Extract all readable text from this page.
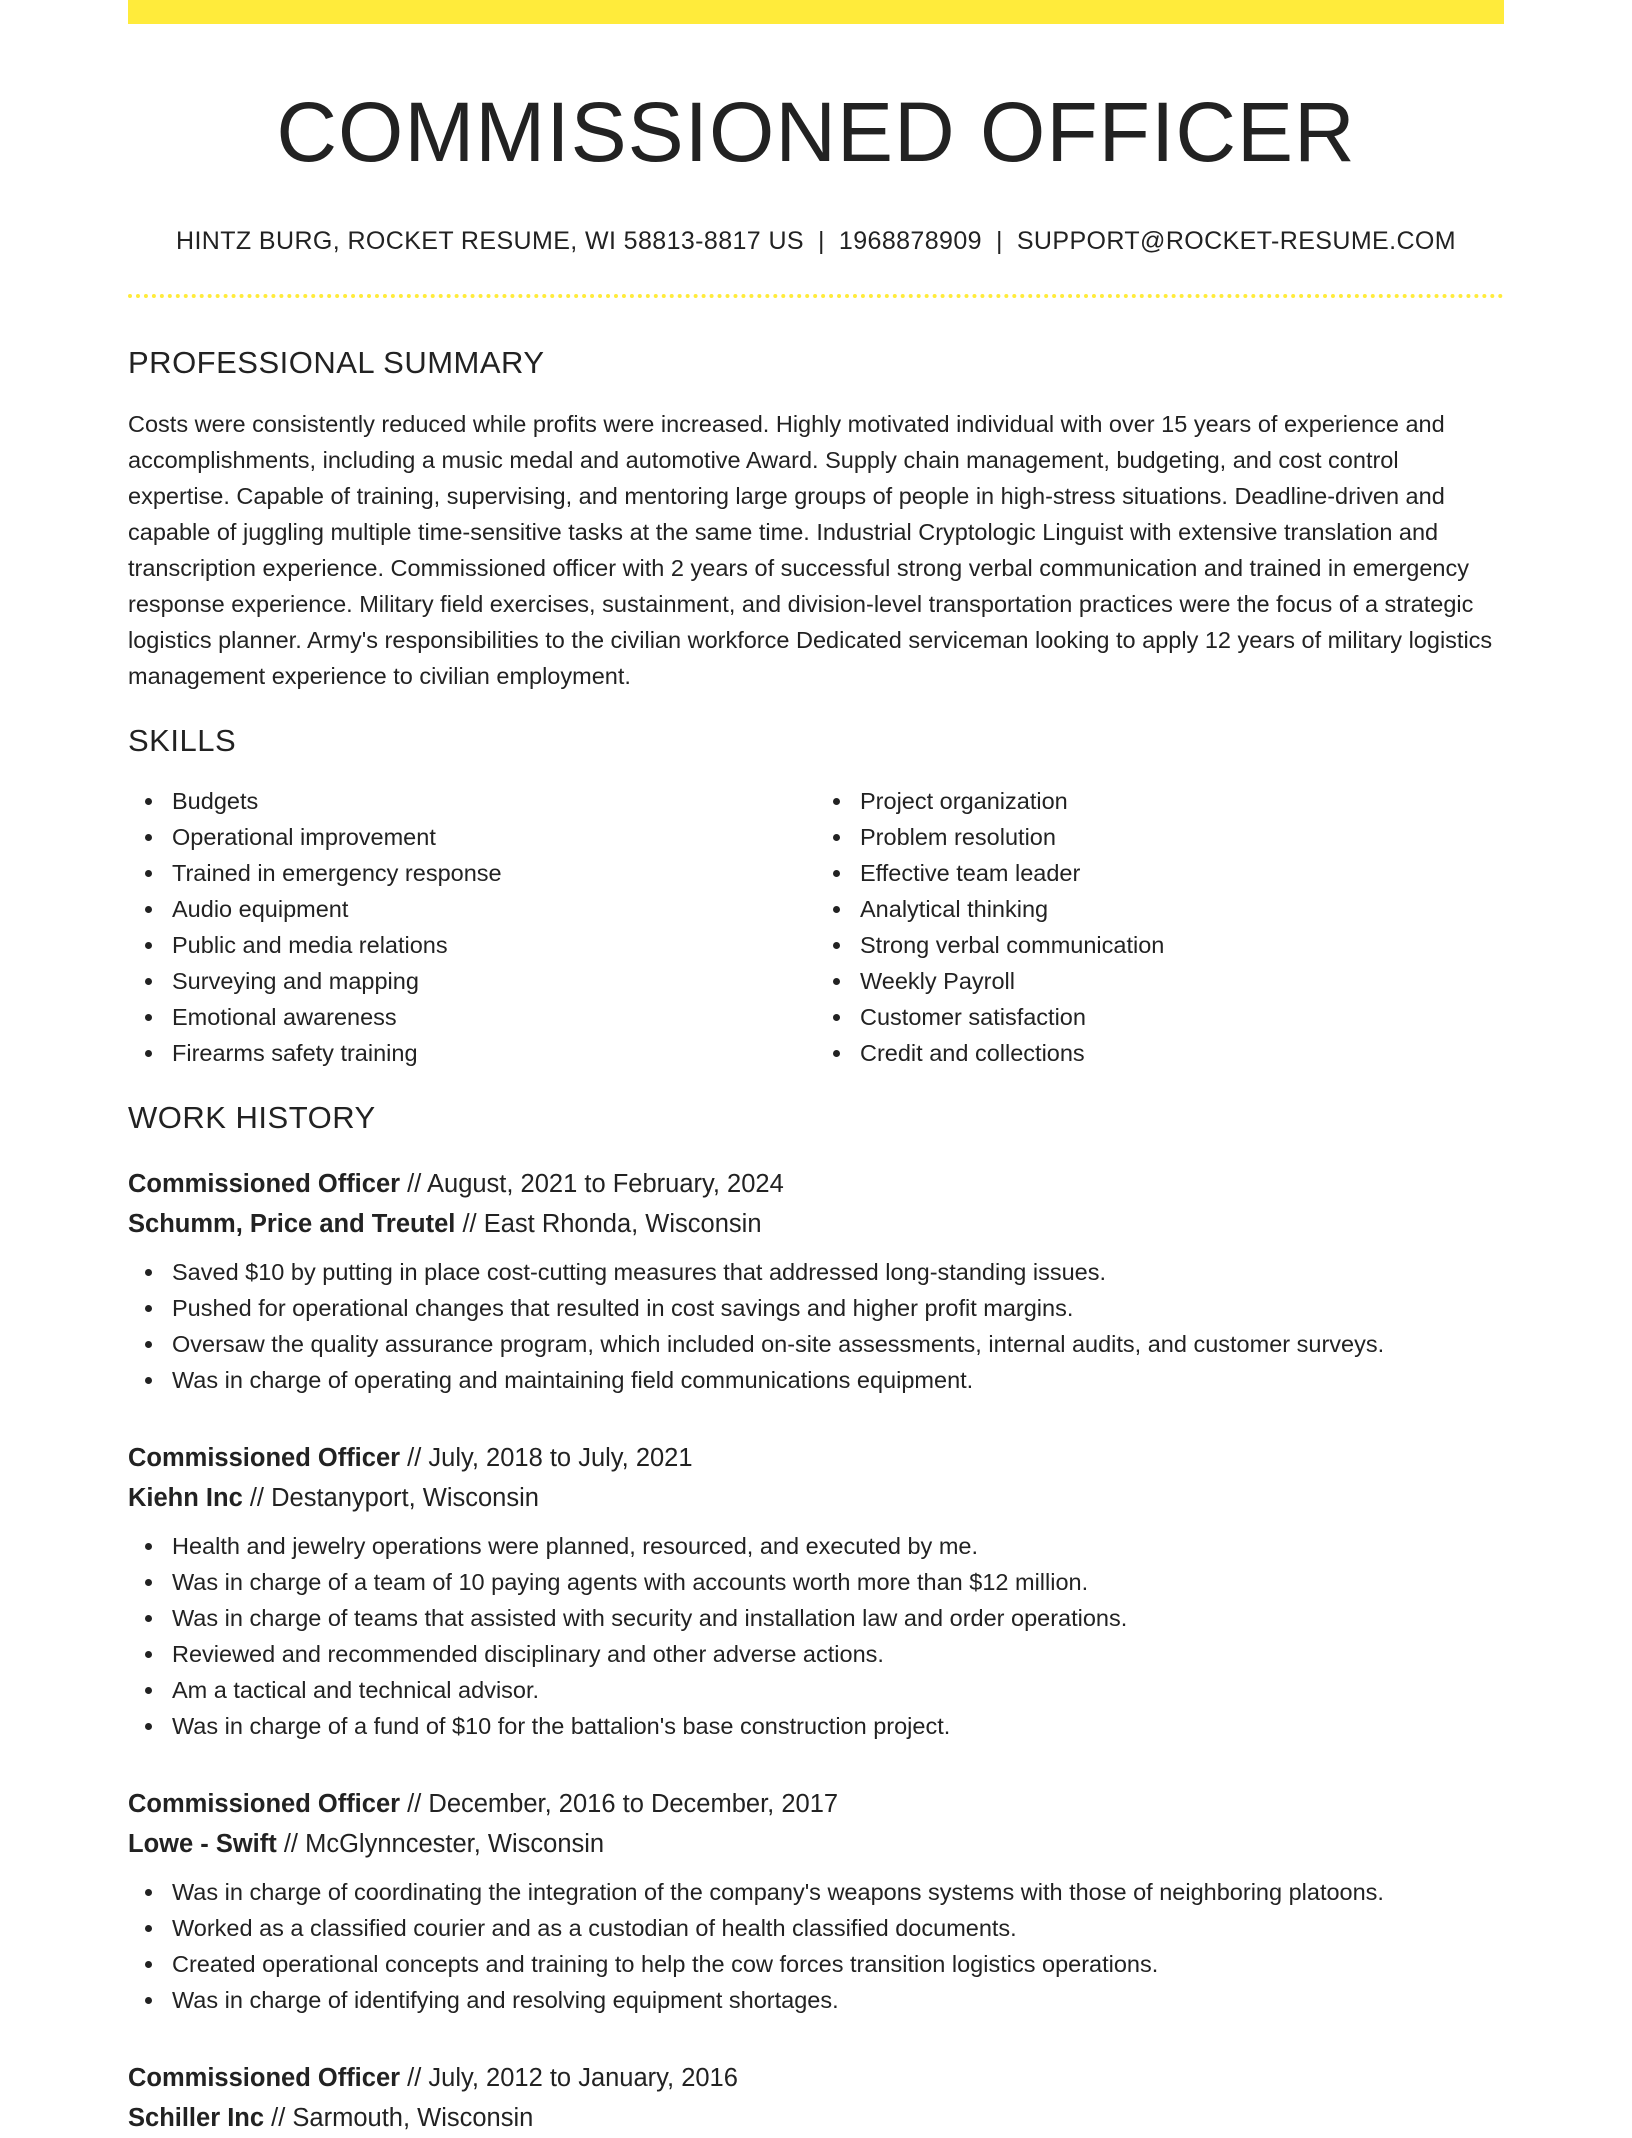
COMMISSIONED OFFICER
HINTZ BURG, ROCKET RESUME, WI 58813-8817 US | 1968878909 | SUPPORT@ROCKET-RESUME.COM
PROFESSIONAL SUMMARY

Costs were consistently reduced while profits were increased. Highly motivated individual with over 15 years of experience and accomplishments, including a music medal and automotive Award. Supply chain management, budgeting, and cost control expertise. Capable of training, supervising, and mentoring large groups of people in high-stress situations. Deadline-driven and capable of juggling multiple time-sensitive tasks at the same time. Industrial Cryptologic Linguist with extensive translation and transcription experience. Commissioned officer with 2 years of successful strong verbal communication and trained in emergency response experience. Military field exercises, sustainment, and division-level transportation practices were the focus of a strategic logistics planner. Army's responsibilities to the civilian workforce Dedicated serviceman looking to apply 12 years of military logistics management experience to civilian employment.

SKILLS
Budgets
Operational improvement
Trained in emergency response
Audio equipment
Public and media relations
Surveying and mapping
Emotional awareness
Firearms safety training
Project organization
Problem resolution
Effective team leader
Analytical thinking
Strong verbal communication
Weekly Payroll
Customer satisfaction
Credit and collections
WORK HISTORY
Commissioned Officer // August, 2021 to February, 2024
Schumm, Price and Treutel // East Rhonda, Wisconsin
Saved $10 by putting in place cost-cutting measures that addressed long-standing issues.
Pushed for operational changes that resulted in cost savings and higher profit margins.
Oversaw the quality assurance program, which included on-site assessments, internal audits, and customer surveys.
Was in charge of operating and maintaining field communications equipment.
Commissioned Officer // July, 2018 to July, 2021
Kiehn Inc // Destanyport, Wisconsin
Health and jewelry operations were planned, resourced, and executed by me.
Was in charge of a team of 10 paying agents with accounts worth more than $12 million.
Was in charge of teams that assisted with security and installation law and order operations.
Reviewed and recommended disciplinary and other adverse actions.
Am a tactical and technical advisor.
Was in charge of a fund of $10 for the battalion's base construction project.
Commissioned Officer // December, 2016 to December, 2017
Lowe - Swift // McGlynncester, Wisconsin
Was in charge of coordinating the integration of the company's weapons systems with those of neighboring platoons.
Worked as a classified courier and as a custodian of health classified documents.
Created operational concepts and training to help the cow forces transition logistics operations.
Was in charge of identifying and resolving equipment shortages.
Commissioned Officer // July, 2012 to January, 2016
Schiller Inc // Sarmouth, Wisconsin
